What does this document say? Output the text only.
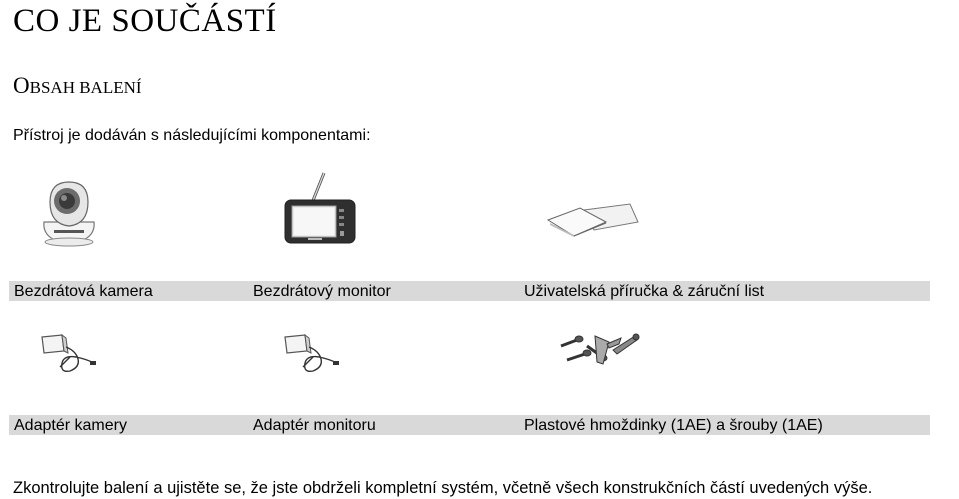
CO JE SOUČÁSTÍ
OBSAH BALENÍ
Přístroj je dodáván s následujícími komponentami:
Bezdrátová kamera	Bezdrátový monitor	Uživatelská příručka & záruční list
Adaptér kamery	Adaptér monitoru	Plastové hmoždinky (1AE) a šrouby (1AE)
Zkontrolujte balení a ujistěte se, že jste obdrželi kompletní systém, včetně všech konstrukčních částí uvedených výše.
